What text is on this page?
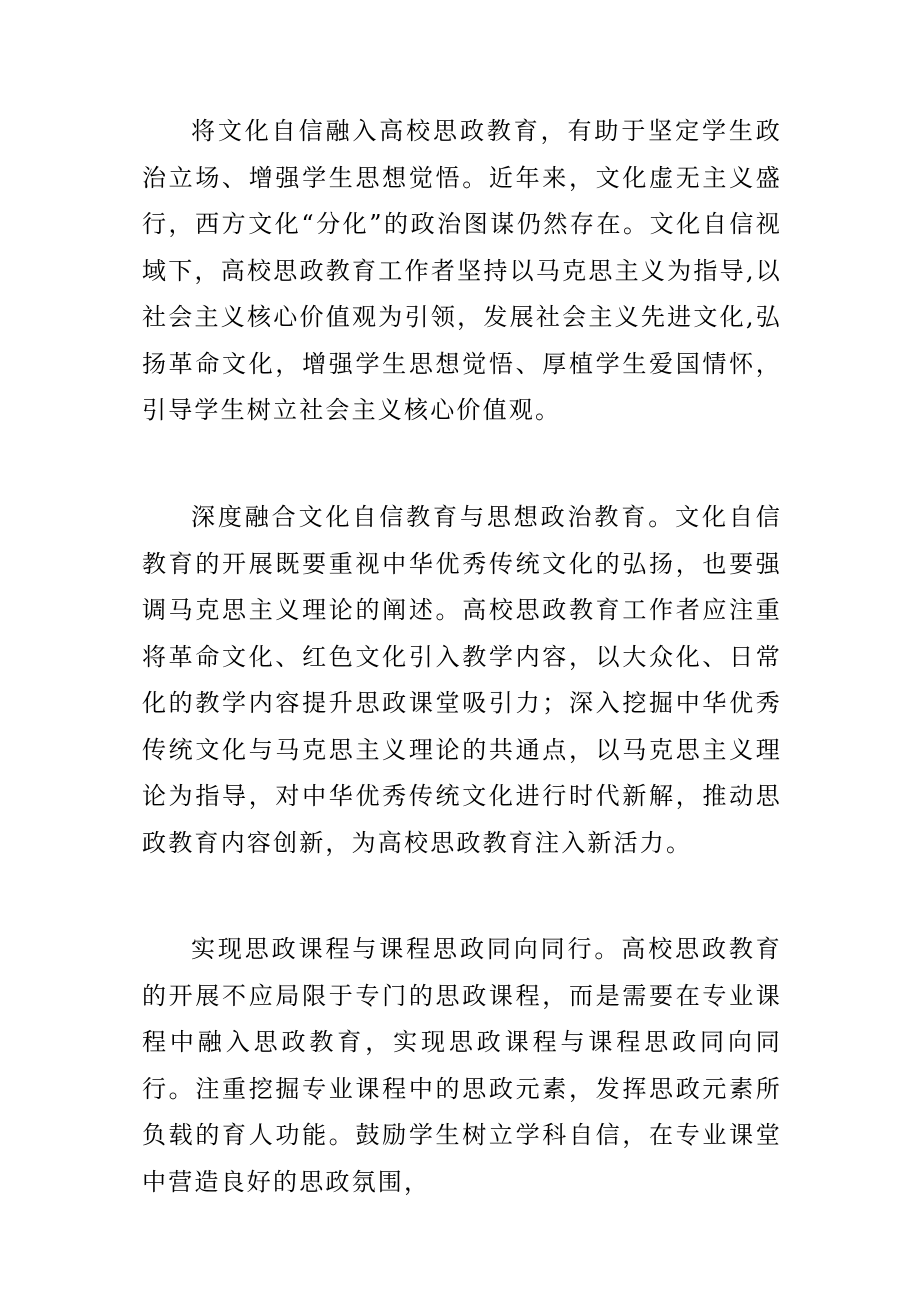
将文化自信融入高校思政教育，有助于坚定学生政治立场、增强学生思想觉悟。近年来，文化虚无主义盛行，西方文化“分化”的政治图谋仍然存在。文化自信视域下，高校思政教育工作者坚持以马克思主义为指导,以社会主义核心价值观为引领，发展社会主义先进文化,弘扬革命文化，增强学生思想觉悟、厚植学生爱国情怀，引导学生树立社会主义核心价值观。

深度融合文化自信教育与思想政治教育。文化自信教育的开展既要重视中华优秀传统文化的弘扬，也要强调马克思主义理论的阐述。高校思政教育工作者应注重将革命文化、红色文化引入教学内容，以大众化、日常化的教学内容提升思政课堂吸引力；深入挖掘中华优秀传统文化与马克思主义理论的共通点，以马克思主义理论为指导，对中华优秀传统文化进行时代新解，推动思政教育内容创新，为高校思政教育注入新活力。

实现思政课程与课程思政同向同行。高校思政教育的开展不应局限于专门的思政课程，而是需要在专业课程中融入思政教育，实现思政课程与课程思政同向同行。注重挖掘专业课程中的思政元素，发挥思政元素所负载的育人功能。鼓励学生树立学科自信，在专业课堂中营造良好的思政氛围，
